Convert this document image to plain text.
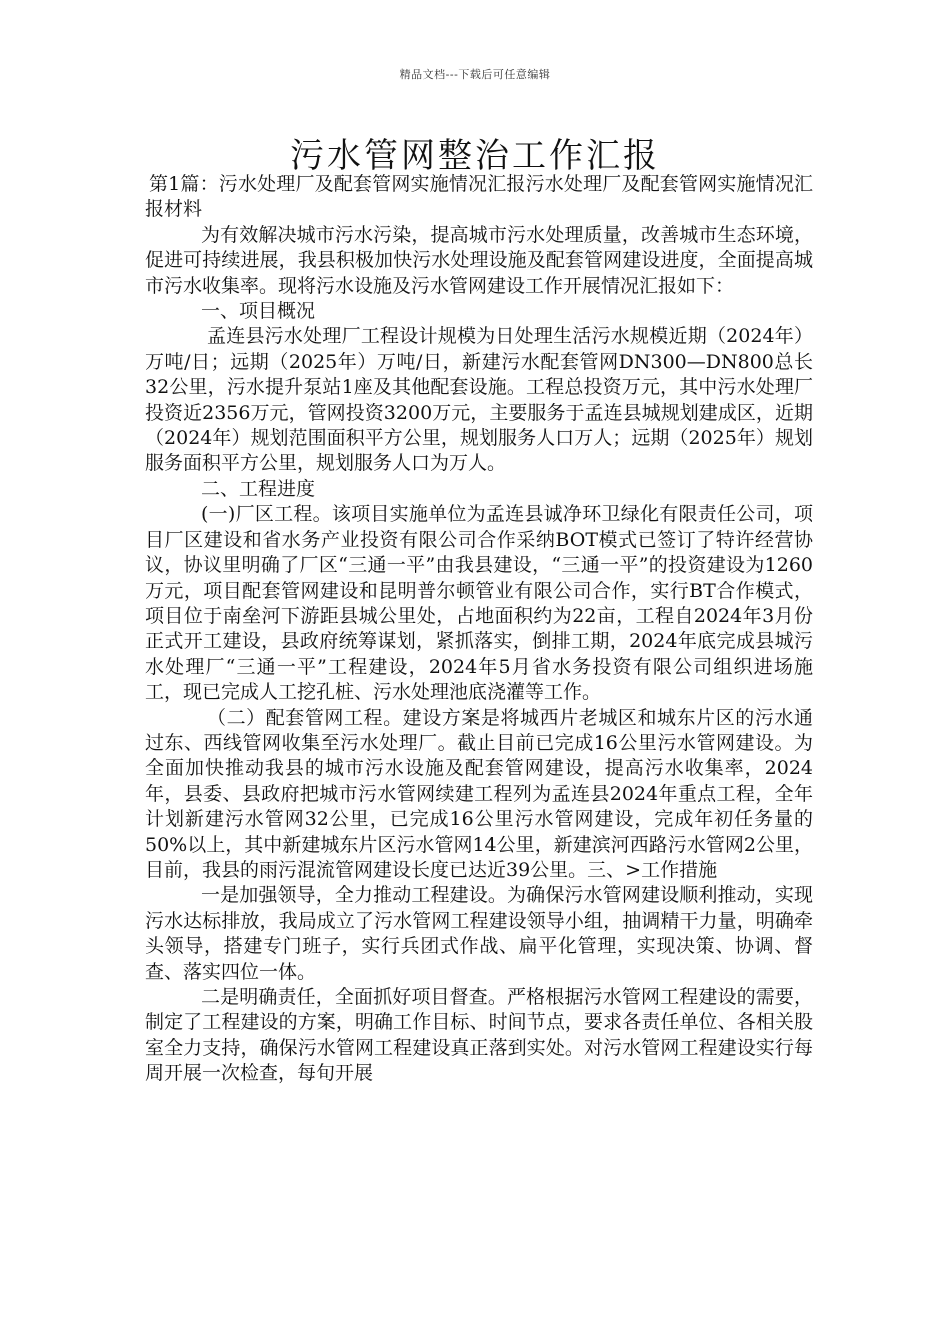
精品文档---下载后可任意编辑
污水管网整治工作汇报

第1篇：污水处理厂及配套管网实施情况汇报污水处理厂及配套管网实施情况汇报材料

为有效解决城市污水污染，提高城市污水处理质量，改善城市生态环境，促进可持续进展，我县积极加快污水处理设施及配套管网建设进度，全面提高城市污水收集率。现将污水设施及污水管网建设工作开展情况汇报如下：

一、项目概况

孟连县污水处理厂工程设计规模为日处理生活污水规模近期（2024年）万吨/日；远期（2025年）万吨/日，新建污水配套管网DN300—DN800总长32公里，污水提升泵站1座及其他配套设施。工程总投资万元，其中污水处理厂投资近2356万元，管网投资3200万元，主要服务于孟连县城规划建成区，近期（2024年）规划范围面积平方公里，规划服务人口万人；远期（2025年）规划服务面积平方公里，规划服务人口为万人。

二、工程进度

(一)厂区工程。该项目实施单位为孟连县诚净环卫绿化有限责任公司，项目厂区建设和省水务产业投资有限公司合作采纳BOT模式已签订了特许经营协议，协议里明确了厂区“三通一平”由我县建设，“三通一平”的投资建设为1260万元，项目配套管网建设和昆明普尔顿管业有限公司合作，实行BT合作模式，项目位于南垒河下游距县城公里处，占地面积约为22亩，工程自2024年3月份正式开工建设，县政府统筹谋划，紧抓落实，倒排工期，2024年底完成县城污水处理厂“三通一平”工程建设，2024年5月省水务投资有限公司组织进场施工，现已完成人工挖孔桩、污水处理池底浇灌等工作。

（二）配套管网工程。建设方案是将城西片老城区和城东片区的污水通过东、西线管网收集至污水处理厂。截止目前已完成16公里污水管网建设。为全面加快推动我县的城市污水设施及配套管网建设，提高污水收集率，2024年，县委、县政府把城市污水管网续建工程列为孟连县2024年重点工程，全年计划新建污水管网32公里，已完成16公里污水管网建设，完成年初任务量的50%以上，其中新建城东片区污水管网14公里，新建滨河西路污水管网2公里，目前，我县的雨污混流管网建设长度已达近39公里。三、>工作措施

一是加强领导，全力推动工程建设。为确保污水管网建设顺利推动，实现污水达标排放，我局成立了污水管网工程建设领导小组，抽调精干力量，明确牵头领导，搭建专门班子，实行兵团式作战、扁平化管理，实现决策、协调、督查、落实四位一体。

二是明确责任，全面抓好项目督查。严格根据污水管网工程建设的需要，制定了工程建设的方案，明确工作目标、时间节点，要求各责任单位、各相关股室全力支持，确保污水管网工程建设真正落到实处。对污水管网工程建设实行每周开展一次检查，每旬开展
